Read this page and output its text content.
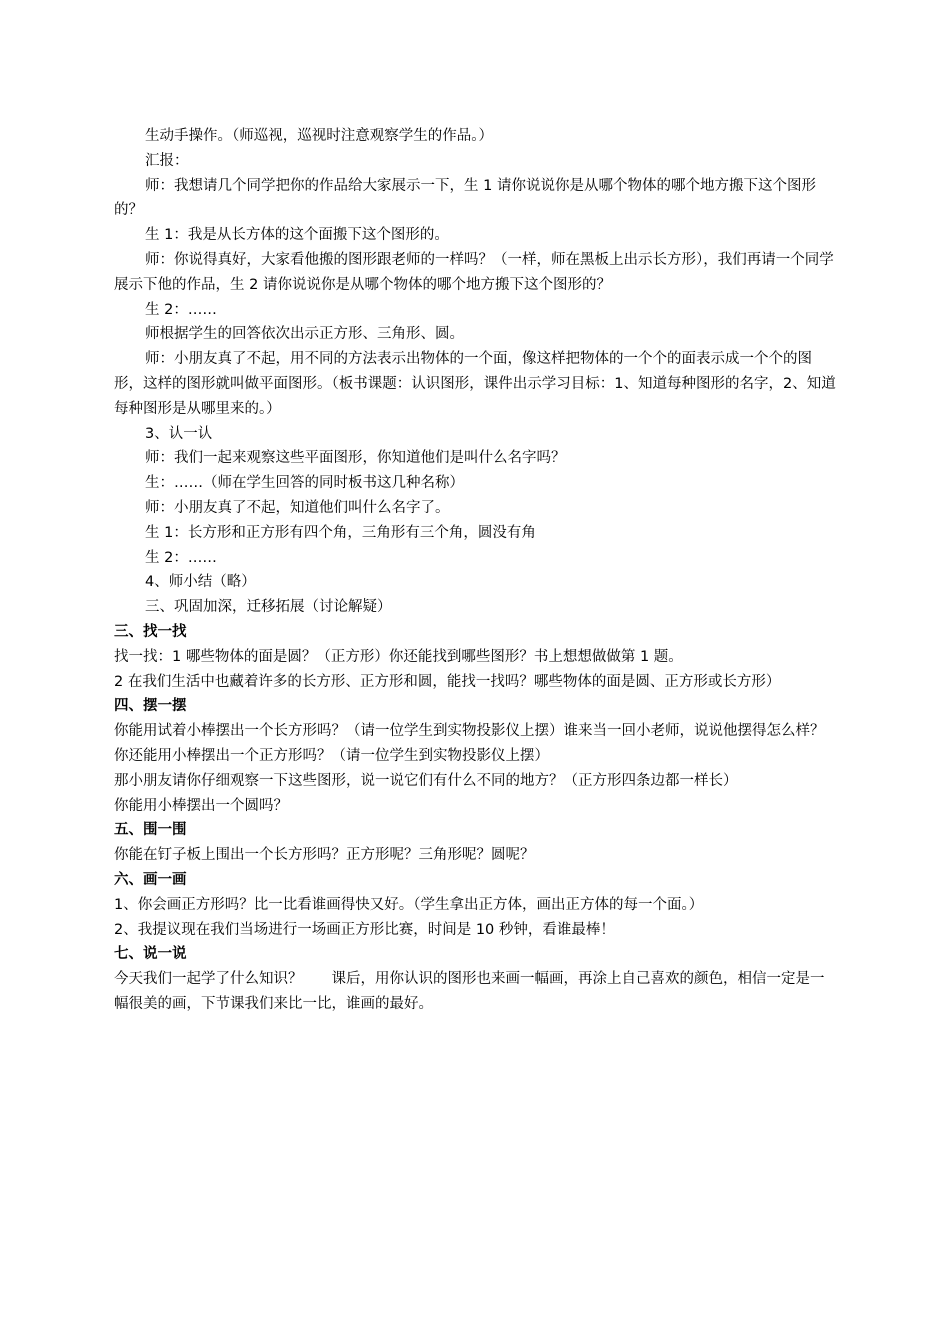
生动手操作。（师巡视，巡视时注意观察学生的作品。）

汇报：

师：我想请几个同学把你的作品给大家展示一下，生 1 请你说说你是从哪个物体的哪个地方搬下这个图形的？

生 1：我是从长方体的这个面搬下这个图形的。

师：你说得真好，大家看他搬的图形跟老师的一样吗？（一样，师在黑板上出示长方形），我们再请一个同学展示下他的作品，生 2 请你说说你是从哪个物体的哪个地方搬下这个图形的？

生 2：……

师根据学生的回答依次出示正方形、三角形、圆。

师：小朋友真了不起，用不同的方法表示出物体的一个面，像这样把物体的一个个的面表示成一个个的图形，这样的图形就叫做平面图形。（板书课题：认识图形，课件出示学习目标：1、知道每种图形的名字，2、知道每种图形是从哪里来的。）

3、认一认

师：我们一起来观察这些平面图形，你知道他们是叫什么名字吗？

生：……（师在学生回答的同时板书这几种名称）

师：小朋友真了不起，知道他们叫什么名字了。

生 1：长方形和正方形有四个角，三角形有三个角，圆没有角

生 2：……

4、师小结（略）

三、巩固加深，迁移拓展（讨论解疑）

三、找一找

找一找：1 哪些物体的面是圆？（正方形）你还能找到哪些图形？书上想想做做第 1 题。

2 在我们生活中也藏着许多的长方形、正方形和圆，能找一找吗？哪些物体的面是圆、正方形或长方形）

四、摆一摆

你能用试着小棒摆出一个长方形吗？（请一位学生到实物投影仪上摆）谁来当一回小老师，说说他摆得怎么样？

你还能用小棒摆出一个正方形吗？（请一位学生到实物投影仪上摆）

那小朋友请你仔细观察一下这些图形，说一说它们有什么不同的地方？（正方形四条边都一样长）

你能用小棒摆出一个圆吗？

五、围一围

你能在钉子板上围出一个长方形吗？正方形呢？三角形呢？圆呢？

六、画一画

1、你会画正方形吗？比一比看谁画得快又好。（学生拿出正方体，画出正方体的每一个面。）

2、我提议现在我们当场进行一场画正方形比赛，时间是 10 秒钟，看谁最棒！

七、说一说

今天我们一起学了什么知识？　　课后，用你认识的图形也来画一幅画，再涂上自己喜欢的颜色，相信一定是一幅很美的画，下节课我们来比一比，谁画的最好。
